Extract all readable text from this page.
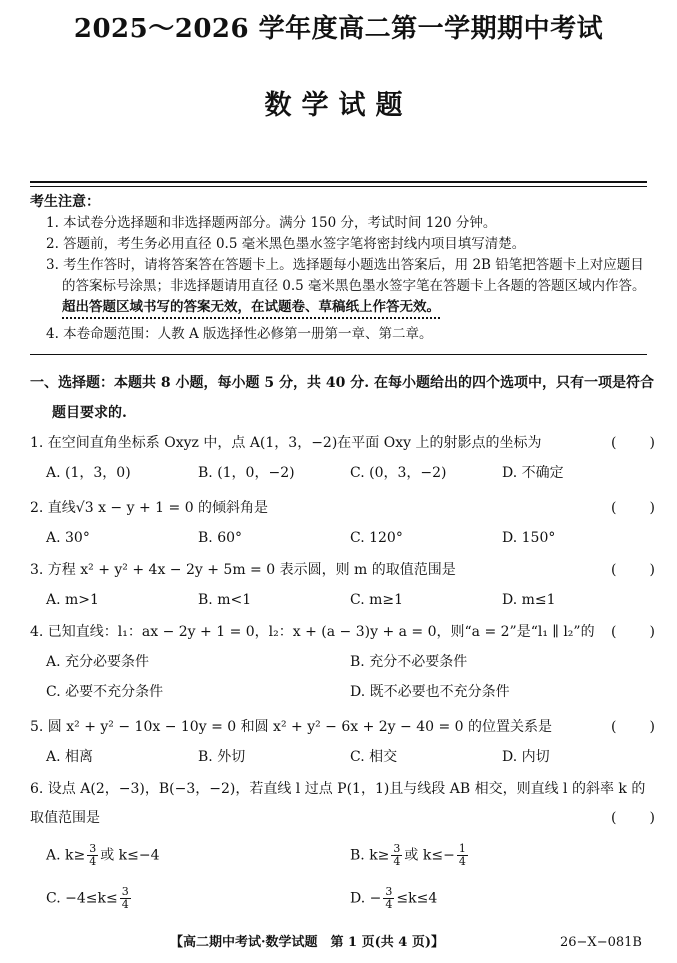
2025～2026 学年度高二第一学期期中考试
数学试题
考生注意：
1. 本试卷分选择题和非选择题两部分。满分 150 分，考试时间 120 分钟。
2. 答题前，考生务必用直径 0.5 毫米黑色墨水签字笔将密封线内项目填写清楚。
3. 考生作答时，请将答案答在答题卡上。选择题每小题选出答案后，用 2B 铅笔把答题卡上对应题目的答案标号涂黑；非选择题请用直径 0.5 毫米黑色墨水签字笔在答题卡上各题的答题区域内作答。超出答题区域书写的答案无效，在试题卷、草稿纸上作答无效。
4. 本卷命题范围：人教 A 版选择性必修第一册第一章、第二章。
一、选择题：本题共 8 小题，每小题 5 分，共 40 分. 在每小题给出的四个选项中，只有一项是符合
题目要求的.
1. 在空间直角坐标系 Oxyz 中，点 A(1，3，−2)在平面 Oxy 上的射影点的坐标为	( )
A. (1，3，0)	B. (1，0，−2)	C. (0，3，−2)	D. 不确定
2. 直线√3 x − y + 1 = 0 的倾斜角是	( )
A. 30°	B. 60°	C. 120°	D. 150°
3. 方程 x² + y² + 4x − 2y + 5m = 0 表示圆，则 m 的取值范围是	( )
A. m>1	B. m<1	C. m≥1	D. m≤1
4. 已知直线：l₁：ax − 2y + 1 = 0，l₂：x + (a − 3)y + a = 0，则“a = 2”是“l₁ ∥ l₂”的 ( )
A. 充分必要条件	B. 充分不必要条件
C. 必要不充分条件	D. 既不必要也不充分条件
5. 圆 x² + y² − 10x − 10y = 0 和圆 x² + y² − 6x + 2y − 40 = 0 的位置关系是	( )
A. 相离	B. 外切	C. 相交	D. 内切
6. 设点 A(2，−3)，B(−3，−2)，若直线 l 过点 P(1，1)且与线段 AB 相交，则直线 l 的斜率 k 的
取值范围是	( )
A. $k\ge \frac{3}{4}$ 或 k≤−4	B. $k\ge \frac{3}{4}$ 或 $k\le- \frac{1}{4}$
C. $-4\le k\le \frac{3}{4}$	D. − $\frac{3}{4} \le k\le 4$
【高二期中考试·数学试题　第 1 页(共 4 页)】	26−X−081B
